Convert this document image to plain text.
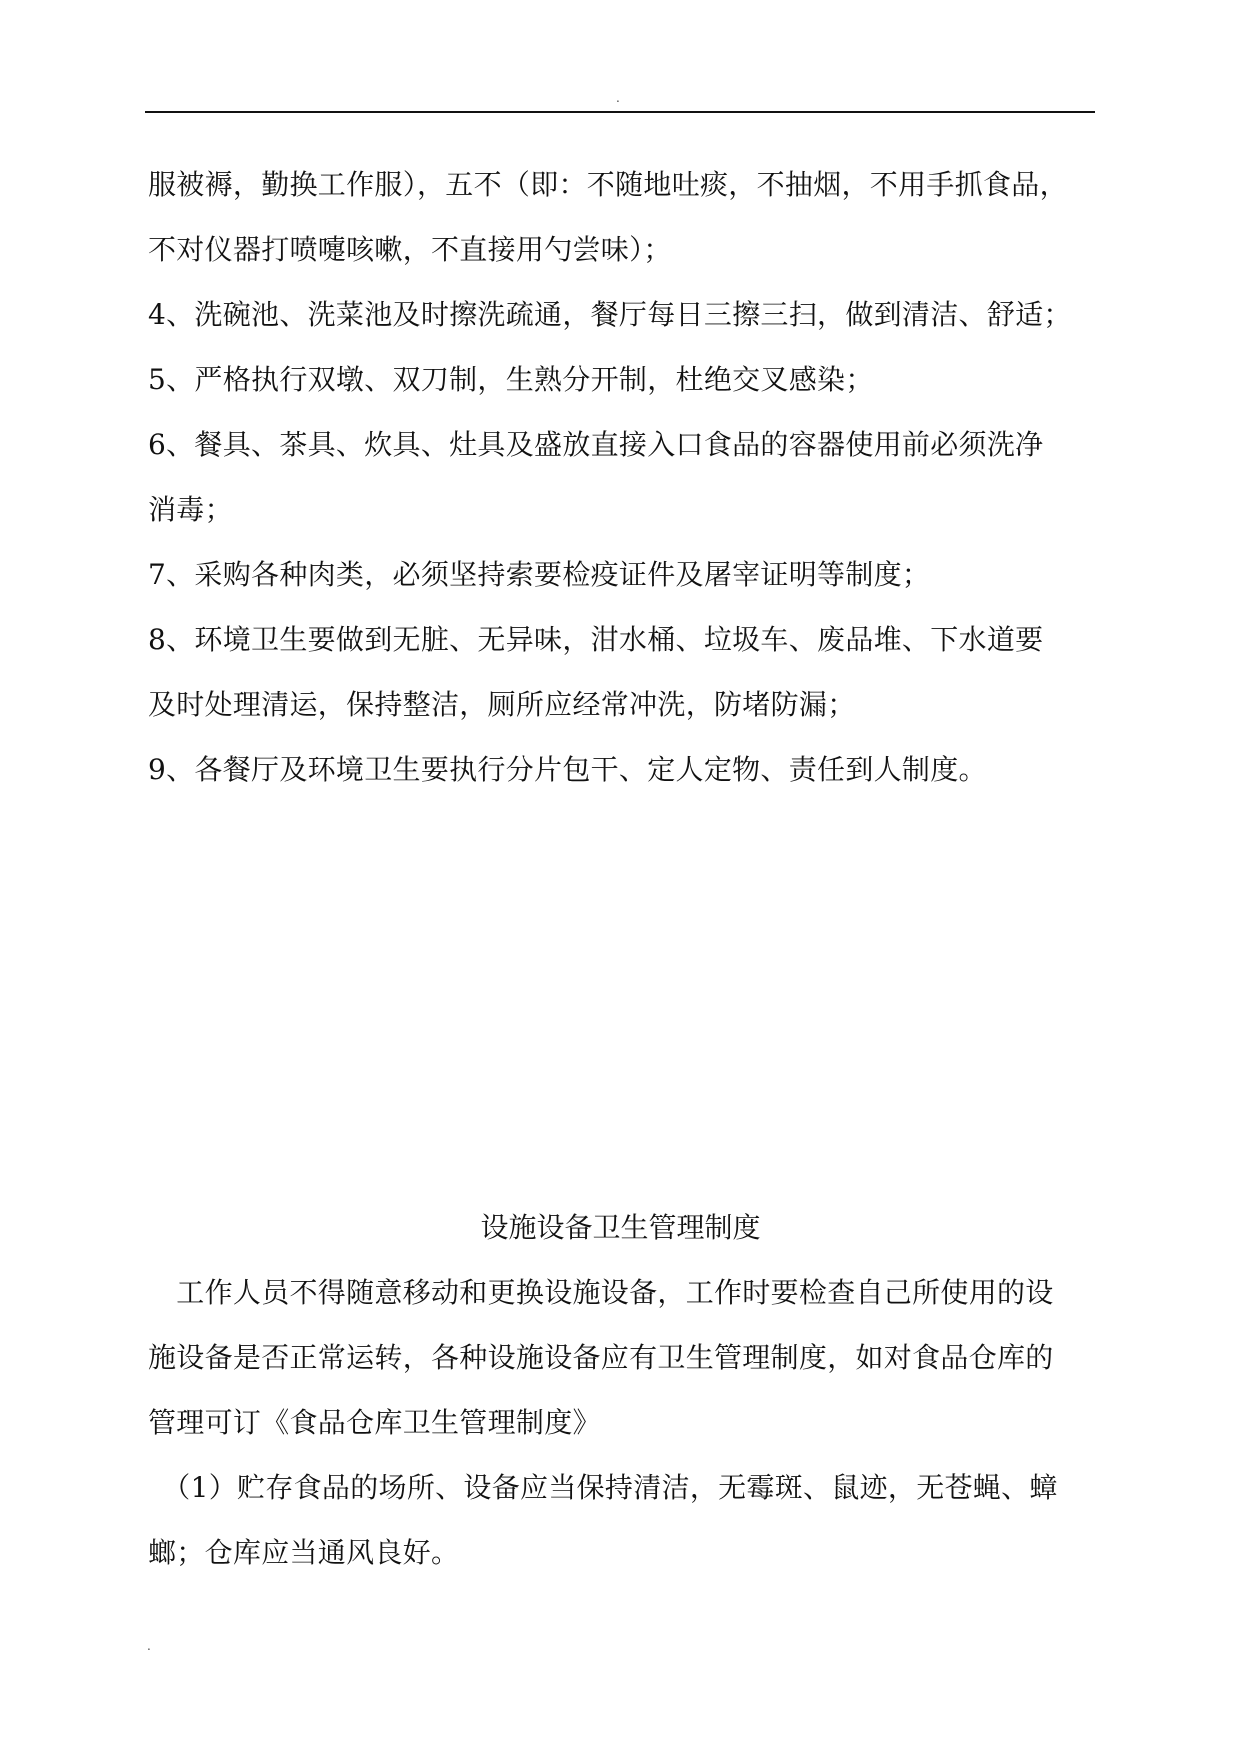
.
服被褥，勤换工作服），五不（即：不随地吐痰，不抽烟，不用手抓食品，
不对仪器打喷嚏咳嗽，不直接用勺尝味）；
4、洗碗池、洗菜池及时擦洗疏通，餐厅每日三擦三扫，做到清洁、舒适；
5、严格执行双墩、双刀制，生熟分开制，杜绝交叉感染；
6、餐具、茶具、炊具、灶具及盛放直接入口食品的容器使用前必须洗净
消毒；
7、采购各种肉类，必须坚持索要检疫证件及屠宰证明等制度；
8、环境卫生要做到无脏、无异味，泔水桶、垃圾车、废品堆、下水道要
及时处理清运，保持整洁，厕所应经常冲洗，防堵防漏；
9、各餐厅及环境卫生要执行分片包干、定人定物、责任到人制度。
设施设备卫生管理制度
　工作人员不得随意移动和更换设施设备，工作时要检查自己所使用的设
施设备是否正常运转，各种设施设备应有卫生管理制度，如对食品仓库的
管理可订《食品仓库卫生管理制度》
　（1）贮存食品的场所、设备应当保持清洁，无霉斑、鼠迹，无苍蝇、蟑
螂；仓库应当通风良好。
.
